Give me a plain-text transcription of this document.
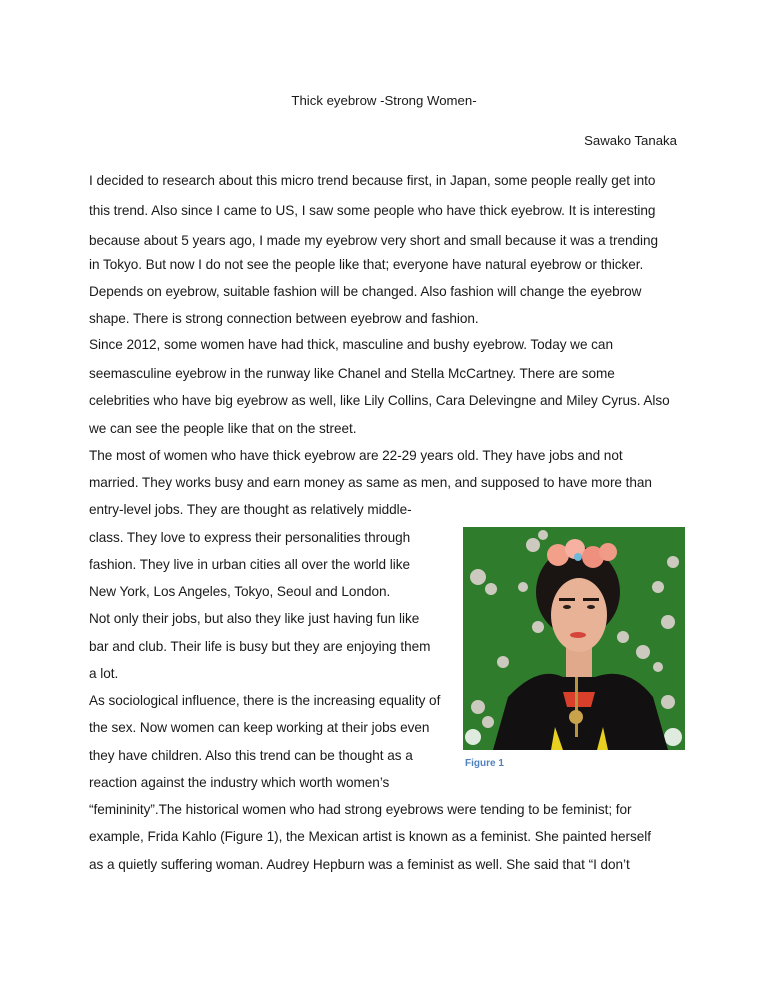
Thick eyebrow -Strong Women-
Sawako Tanaka
I decided to research about this micro trend because first, in Japan, some people really get into
this trend. Also since I came to US, I saw some people who have thick eyebrow. It is interesting
because about 5 years ago, I made my eyebrow very short and small because it was a trending
in Tokyo. But now I do not see the people like that; everyone have natural eyebrow or thicker.
Depends on eyebrow, suitable fashion will be changed. Also fashion will change the eyebrow
shape. There is strong connection between eyebrow and fashion.
Since 2012, some women have had thick, masculine and bushy eyebrow. Today we can
seemasculine eyebrow in the runway like Chanel and Stella McCartney. There are some
celebrities who have big eyebrow as well, like Lily Collins, Cara Delevingne and Miley Cyrus. Also
we can see the people like that on the street.
The most of women who have thick eyebrow are 22-29 years old. They have jobs and not
married. They works busy and earn money as same as men, and supposed to have more than
entry-level jobs. They are thought as relatively middle-
class. They love to express their personalities through
fashion. They live in urban cities all over the world like
New York, Los Angeles, Tokyo, Seoul and London.
Not only their jobs, but also they like just having fun like
bar and club. Their life is busy but they are enjoying them
a lot.
As sociological influence, there is the increasing equality of
the sex. Now women can keep working at their jobs even
they have children. Also this trend can be thought as a
reaction against the industry which worth women’s
“femininity”.The historical women who had strong eyebrows were tending to be feminist; for
example, Frida Kahlo (Figure 1), the Mexican artist is known as a feminist. She painted herself
as a quietly suffering woman. Audrey Hepburn was a feminist as well. She said that “I don’t
Figure 1
